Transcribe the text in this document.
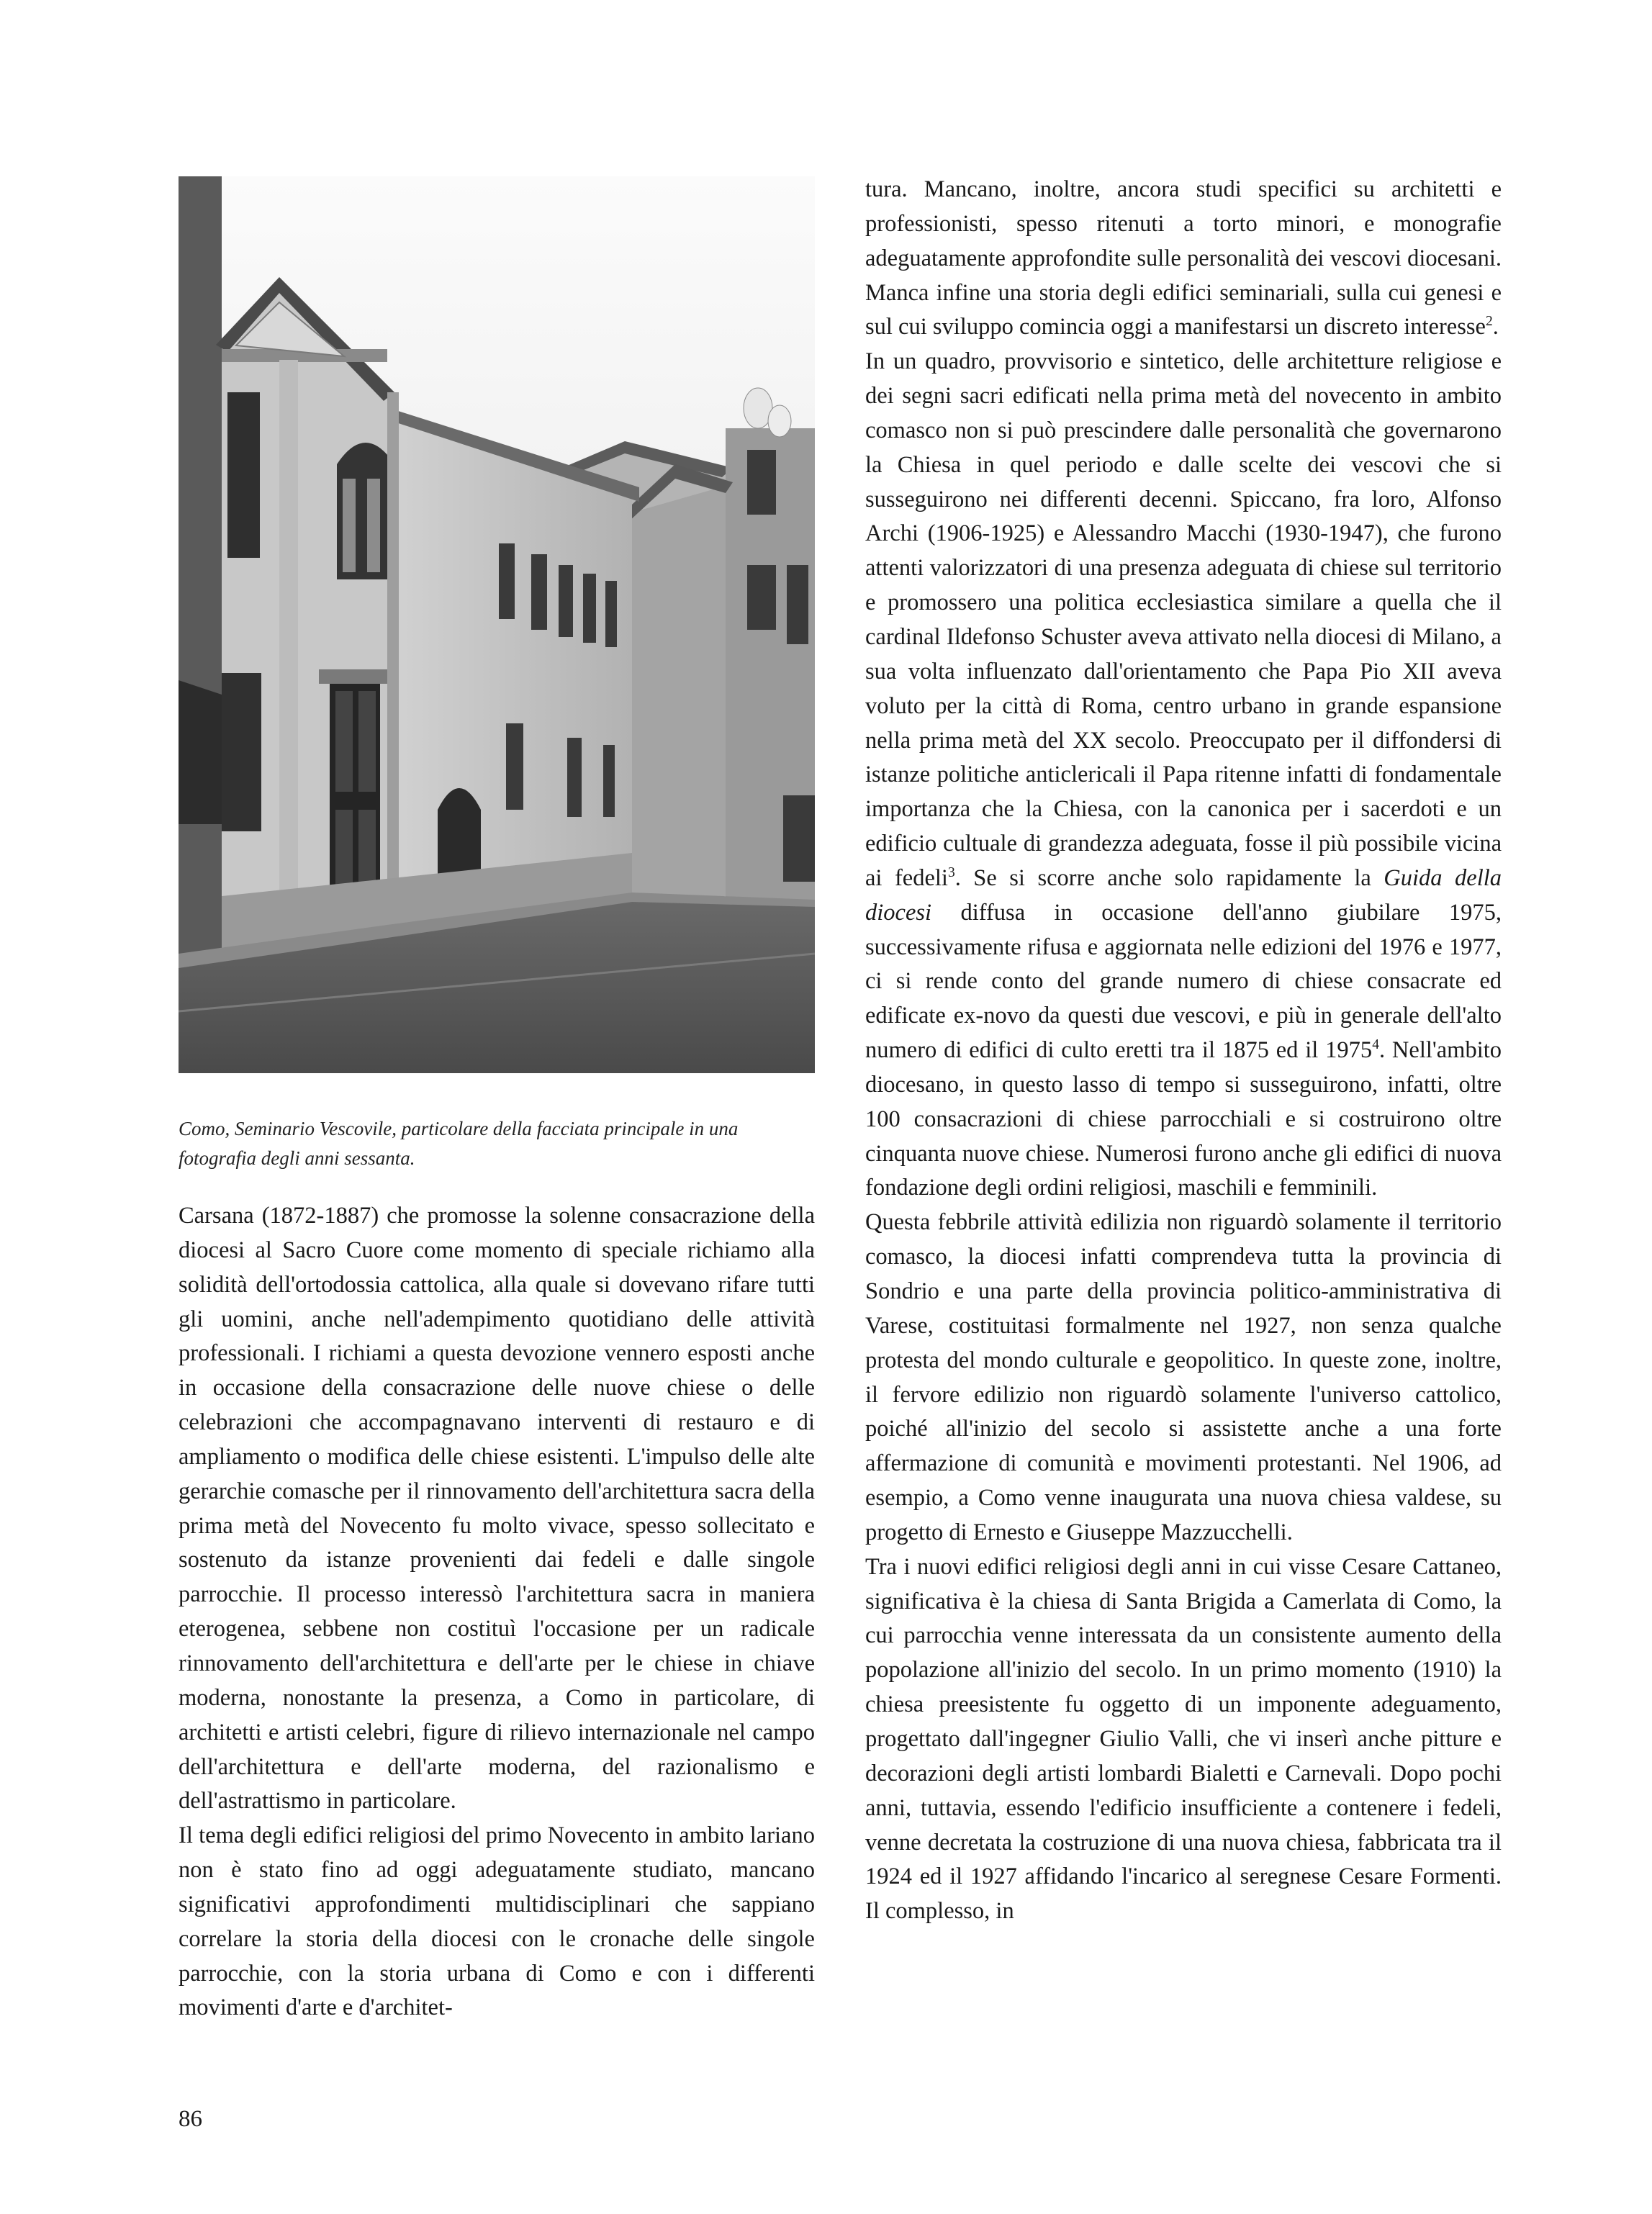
Como, Seminario Vescovile, particolare della facciata principale in una fotografia degli anni sessanta.

Carsana (1872-1887) che promosse la solenne consacrazione della diocesi al Sacro Cuore come momento di speciale richiamo alla solidità dell'ortodossia cattolica, alla quale si dovevano rifare tutti gli uomini, anche nell'adempimento quotidiano delle attività professionali. I richiami a questa devozione vennero esposti anche in occasione della consacrazione delle nuove chiese o delle celebrazioni che accompagnavano interventi di restauro e di ampliamento o modifica delle chiese esistenti. L'impulso delle alte gerarchie comasche per il rinnovamento dell'architettura sacra della prima metà del Novecento fu molto vivace, spesso sollecitato e sostenuto da istanze provenienti dai fedeli e dalle singole parrocchie. Il processo interessò l'architettura sacra in maniera eterogenea, sebbene non costituì l'occasione per un radicale rinnovamento dell'architettura e dell'arte per le chiese in chiave moderna, nonostante la presenza, a Como in particolare, di architetti e artisti celebri, figure di rilievo internazionale nel campo dell'architettura e dell'arte moderna, del razionalismo e dell'astrattismo in particolare.

Il tema degli edifici religiosi del primo Novecento in ambito lariano non è stato fino ad oggi adeguatamente studiato, mancano significativi approfondimenti multidisciplinari che sappiano correlare la storia della diocesi con le cronache delle singole parrocchie, con la storia urbana di Como e con i differenti movimenti d'arte e d'architet-

tura. Mancano, inoltre, ancora studi specifici su architetti e professionisti, spesso ritenuti a torto minori, e monografie adeguatamente approfondite sulle personalità dei vescovi diocesani. Manca infine una storia degli edifici seminariali, sulla cui genesi e sul cui sviluppo comincia oggi a manifestarsi un discreto interesse$^2$.

In un quadro, provvisorio e sintetico, delle architetture religiose e dei segni sacri edificati nella prima metà del novecento in ambito comasco non si può prescindere dalle personalità che governarono la Chiesa in quel periodo e dalle scelte dei vescovi che si susseguirono nei differenti decenni. Spiccano, fra loro, Alfonso Archi (1906-1925) e Alessandro Macchi (1930-1947), che furono attenti valorizzatori di una presenza adeguata di chiese sul territorio e promossero una politica ecclesiastica similare a quella che il cardinal Ildefonso Schuster aveva attivato nella diocesi di Milano, a sua volta influenzato dall'orientamento che Papa Pio XII aveva voluto per la città di Roma, centro urbano in grande espansione nella prima metà del XX secolo. Preoccupato per il diffondersi di istanze politiche anticlericali il Papa ritenne infatti di fondamentale importanza che la Chiesa, con la canonica per i sacerdoti e un edificio cultuale di grandezza adeguata, fosse il più possibile vicina ai fedeli$^3$. Se si scorre anche solo rapidamente la Guida della diocesi diffusa in occasione dell'anno giubilare 1975, successivamente rifusa e aggiornata nelle edizioni del 1976 e 1977, ci si rende conto del grande numero di chiese consacrate ed edificate ex-novo da questi due vescovi, e più in generale dell'alto numero di edifici di culto eretti tra il 1875 ed il 1975$^4$. Nell'ambito diocesano, in questo lasso di tempo si susseguirono, infatti, oltre 100 consacrazioni di chiese parrocchiali e si costruirono oltre cinquanta nuove chiese. Numerosi furono anche gli edifici di nuova fondazione degli ordini religiosi, maschili e femminili.

Questa febbrile attività edilizia non riguardò solamente il territorio comasco, la diocesi infatti comprendeva tutta la provincia di Sondrio e una parte della provincia politico-amministrativa di Varese, costituitasi formalmente nel 1927, non senza qualche protesta del mondo culturale e geopolitico. In queste zone, inoltre, il fervore edilizio non riguardò solamente l'universo cattolico, poiché all'inizio del secolo si assistette anche a una forte affermazione di comunità e movimenti protestanti. Nel 1906, ad esempio, a Como venne inaugurata una nuova chiesa valdese, su progetto di Ernesto e Giuseppe Mazzucchelli.

Tra i nuovi edifici religiosi degli anni in cui visse Cesare Cattaneo, significativa è la chiesa di Santa Brigida a Camerlata di Como, la cui parrocchia venne interessata da un consistente aumento della popolazione all'inizio del secolo. In un primo momento (1910) la chiesa preesistente fu oggetto di un imponente adeguamento, progettato dall'ingegner Giulio Valli, che vi inserì anche pitture e decorazioni degli artisti lombardi Bialetti e Carnevali. Dopo pochi anni, tuttavia, essendo l'edificio insufficiente a contenere i fedeli, venne decretata la costruzione di una nuova chiesa, fabbricata tra il 1924 ed il 1927 affidando l'incarico al seregnese Cesare Formenti. Il complesso, in

86
